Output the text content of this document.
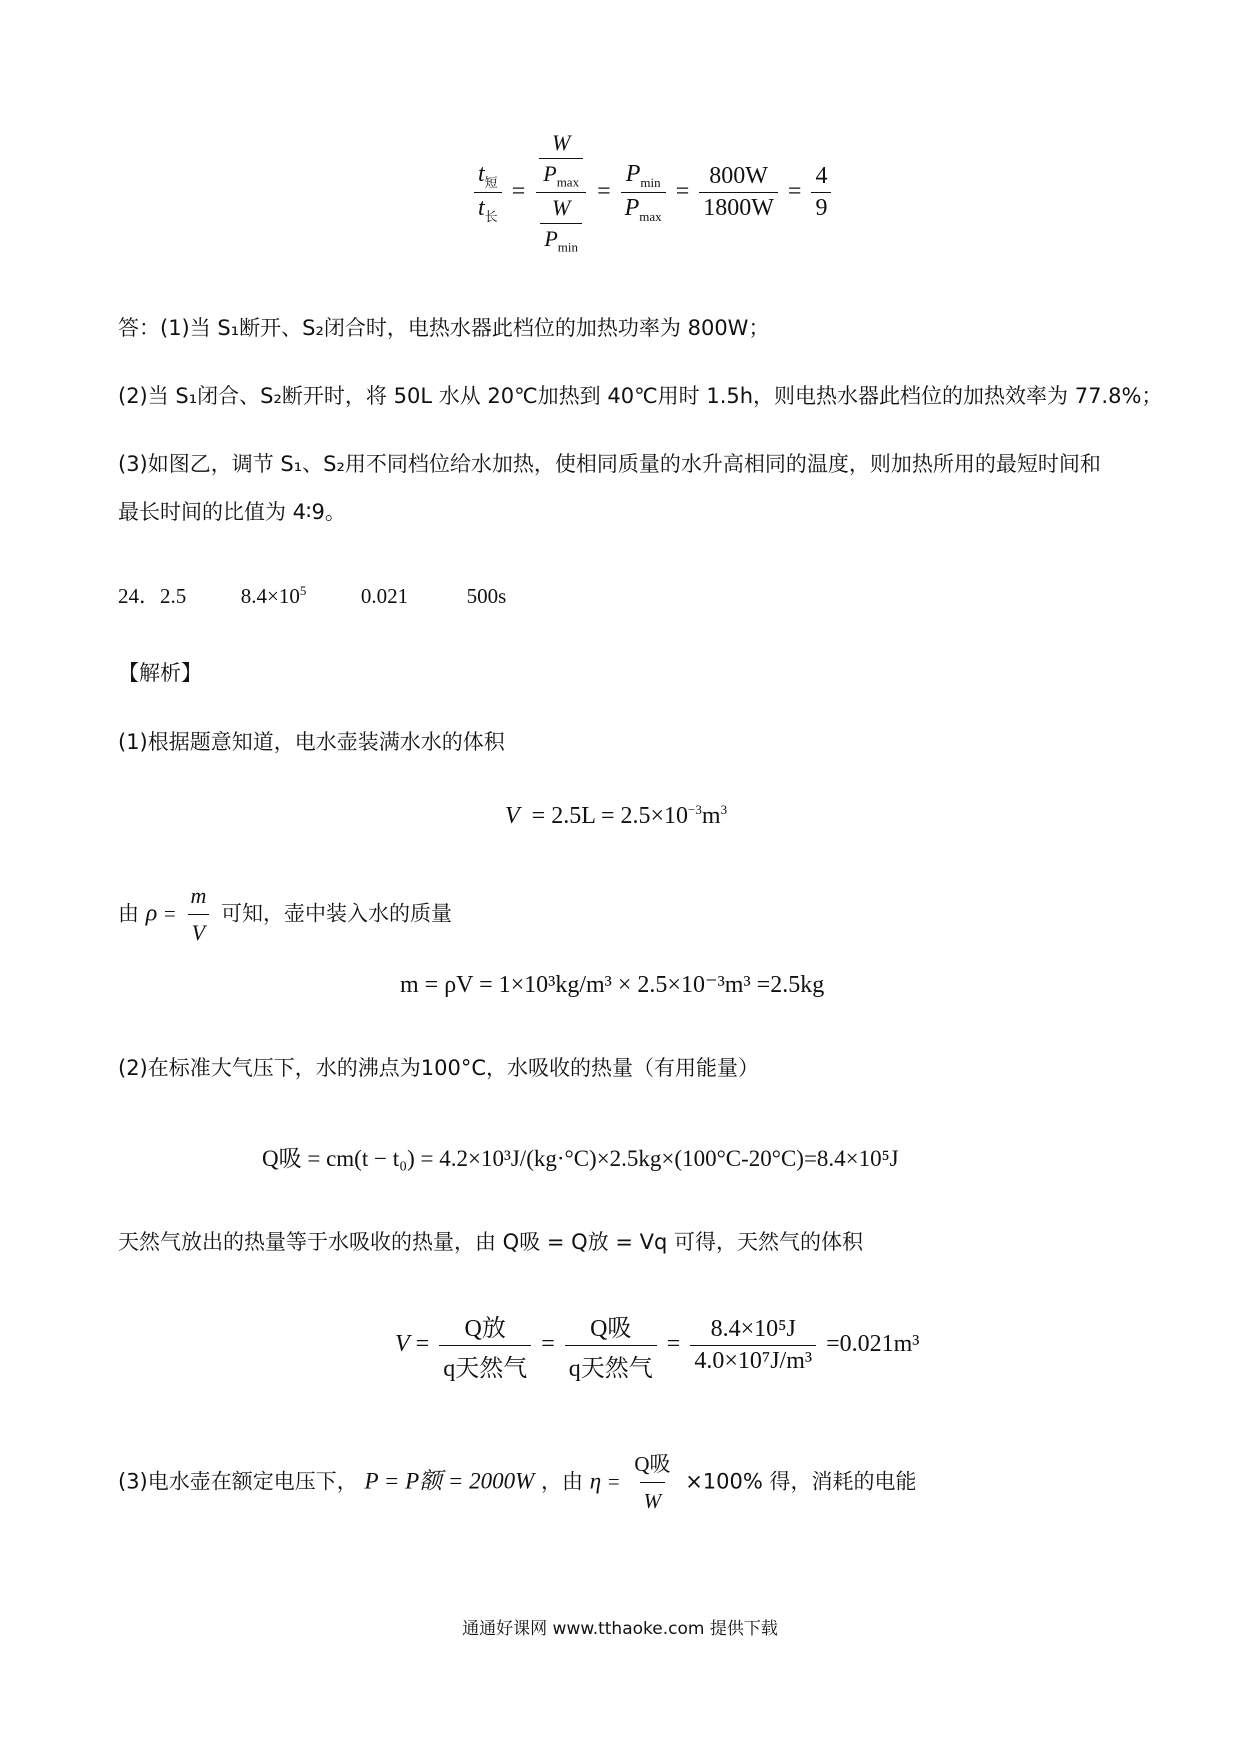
$\frac{t_短}{t_长} = \frac{\frac{W}{P_{max}}}{\frac{W}{P_{min}}} = \frac{P_{min}}{P_{max}} = \frac{800W}{1800W} = \frac{4}{9}$
答：(1)当 S₁断开、S₂闭合时，电热水器此档位的加热功率为 800W；
(2)当 S₁闭合、S₂断开时，将 50L 水从 20℃加热到 40℃用时 1.5h，则电热水器此档位的加热效率为 77.8%；
(3)如图乙，调节 S₁、S₂用不同档位给水加热，使相同质量的水升高相同的温度，则加热所用的最短时间和
最长时间的比值为 4∶9。
24．2.5	$8.4\times 10^5$	0.021	500s
【解析】
(1)根据题意知道，电水壶装满水水的体积
$V = 2.5L = 2.5\times 10^{-3}m^3$
由 $\rho = \frac{m}{V}$ 可知，壶中装入水的质量
m = ρV = 1×10³kg/m³ × 2.5×10⁻³m³ =2.5kg
(2)在标准大气压下，水的沸点为100°C，水吸收的热量（有用能量）
Q吸 = cm(t − t₀) = 4.2×10³J/(kg·°C)×2.5kg×(100°C-20°C)=8.4×10⁵J
天然气放出的热量等于水吸收的热量，由 Q吸 = Q放 = Vq 可得，天然气的体积
$V = \frac{\text{Q放}}{\text{q天然气}} = \frac{\text{Q吸}}{\text{q天然气}} = \frac{\text{8.4×10⁵J}}{\text{4.0×10⁷J/m³}} =0.021m^3$
(3)电水壶在额定电压下， P = P额 = 2000W ，由 $\eta = \frac{\text{Q吸}}{W} \times 100\%$ 得，消耗的电能
通通好课网 www.tthaoke.com 提供下载
